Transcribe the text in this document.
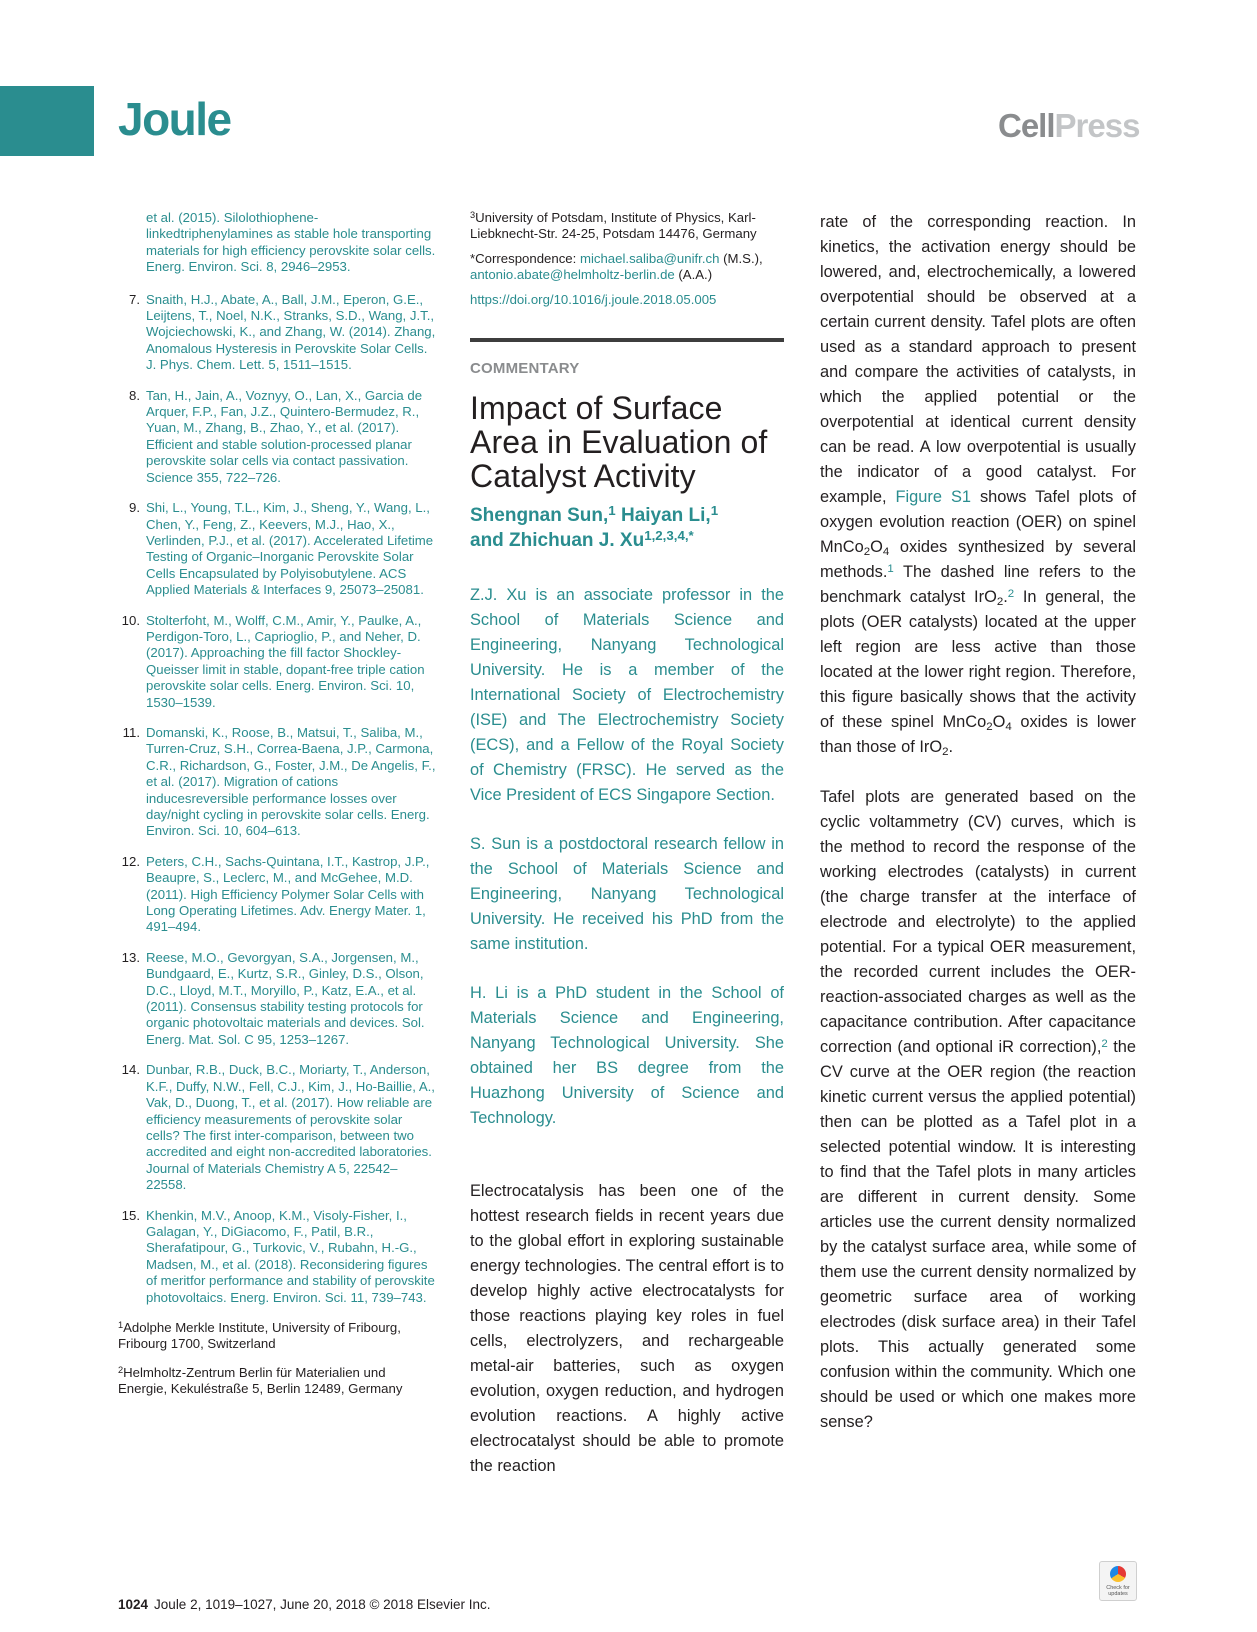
Joule	CellPress
et al. (2015). Silolothiophene-linkedtriphenylamines as stable hole transporting materials for high efficiency perovskite solar cells. Energ. Environ. Sci. 8, 2946–2953.
7. Snaith, H.J., Abate, A., Ball, J.M., Eperon, G.E., Leijtens, T., Noel, N.K., Stranks, S.D., Wang, J.T., Wojciechowski, K., and Zhang, W. (2014). Zhang, Anomalous Hysteresis in Perovskite Solar Cells. J. Phys. Chem. Lett. 5, 1511–1515.
8. Tan, H., Jain, A., Voznyy, O., Lan, X., Garcia de Arquer, F.P., Fan, J.Z., Quintero-Bermudez, R., Yuan, M., Zhang, B., Zhao, Y., et al. (2017). Efficient and stable solution-processed planar perovskite solar cells via contact passivation. Science 355, 722–726.
9. Shi, L., Young, T.L., Kim, J., Sheng, Y., Wang, L., Chen, Y., Feng, Z., Keevers, M.J., Hao, X., Verlinden, P.J., et al. (2017). Accelerated Lifetime Testing of Organic–Inorganic Perovskite Solar Cells Encapsulated by Polyisobutylene. ACS Applied Materials & Interfaces 9, 25073–25081.
10. Stolterfoht, M., Wolff, C.M., Amir, Y., Paulke, A., Perdigon-Toro, L., Caprioglio, P., and Neher, D. (2017). Approaching the fill factor Shockley-Queisser limit in stable, dopant-free triple cation perovskite solar cells. Energ. Environ. Sci. 10, 1530–1539.
11. Domanski, K., Roose, B., Matsui, T., Saliba, M., Turren-Cruz, S.H., Correa-Baena, J.P., Carmona, C.R., Richardson, G., Foster, J.M., De Angelis, F., et al. (2017). Migration of cations inducesreversible performance losses over day/night cycling in perovskite solar cells. Energ. Environ. Sci. 10, 604–613.
12. Peters, C.H., Sachs-Quintana, I.T., Kastrop, J.P., Beaupre, S., Leclerc, M., and McGehee, M.D. (2011). High Efficiency Polymer Solar Cells with Long Operating Lifetimes. Adv. Energy Mater. 1, 491–494.
13. Reese, M.O., Gevorgyan, S.A., Jorgensen, M., Bundgaard, E., Kurtz, S.R., Ginley, D.S., Olson, D.C., Lloyd, M.T., Moryillo, P., Katz, E.A., et al. (2011). Consensus stability testing protocols for organic photovoltaic materials and devices. Sol. Energ. Mat. Sol. C 95, 1253–1267.
14. Dunbar, R.B., Duck, B.C., Moriarty, T., Anderson, K.F., Duffy, N.W., Fell, C.J., Kim, J., Ho-Baillie, A., Vak, D., Duong, T., et al. (2017). How reliable are efficiency measurements of perovskite solar cells? The first inter-comparison, between two accredited and eight non-accredited laboratories. Journal of Materials Chemistry A 5, 22542–22558.
15. Khenkin, M.V., Anoop, K.M., Visoly-Fisher, I., Galagan, Y., DiGiacomo, F., Patil, B.R., Sherafatipour, G., Turkovic, V., Rubahn, H.-G., Madsen, M., et al. (2018). Reconsidering figures of meritfor performance and stability of perovskite photovoltaics. Energ. Environ. Sci. 11, 739–743.
$^1$Adolphe Merkle Institute, University of Fribourg, Fribourg 1700, Switzerland
$^2$Helmholtz-Zentrum Berlin für Materialien und Energie, Kekuléstraße 5, Berlin 12489, Germany

$^3$University of Potsdam, Institute of Physics, Karl-Liebknecht-Str. 24-25, Potsdam 14476, Germany

*Correspondence: michael.saliba@unifr.ch (M.S.), antonio.abate@helmholtz-berlin.de (A.A.)

https://doi.org/10.1016/j.joule.2018.05.005

COMMENTARY
Impact of Surface Area in Evaluation of Catalyst Activity
Shengnan Sun,$^1$ Haiyan Li,$^1$
and Zhichuan J. $Xu^{1,2,3,4,*}$

Z.J. Xu is an associate professor in the School of Materials Science and Engineering, Nanyang Technological University. He is a member of the International Society of Electrochemistry (ISE) and The Electrochemistry Society (ECS), and a Fellow of the Royal Society of Chemistry (FRSC). He served as the Vice President of ECS Singapore Section.

S. Sun is a postdoctoral research fellow in the School of Materials Science and Engineering, Nanyang Technological University. He received his PhD from the same institution.

H. Li is a PhD student in the School of Materials Science and Engineering, Nanyang Technological University. She obtained her BS degree from the Huazhong University of Science and Technology.

Electrocatalysis has been one of the hottest research fields in recent years due to the global effort in exploring sustainable energy technologies. The central effort is to develop highly active electrocatalysts for those reactions playing key roles in fuel cells, electrolyzers, and rechargeable metal-air batteries, such as oxygen evolution, oxygen reduction, and hydrogen evolution reactions. A highly active electrocatalyst should be able to promote the reaction

rate of the corresponding reaction. In kinetics, the activation energy should be lowered, and, electrochemically, a lowered overpotential should be observed at a certain current density. Tafel plots are often used as a standard approach to present and compare the activities of catalysts, in which the applied potential or the overpotential at identical current density can be read. A low overpotential is usually the indicator of a good catalyst. For example, Figure S1 shows Tafel plots of oxygen evolution reaction (OER) on spinel $MnCo_2O_4$ oxides synthesized by several methods.$^1$ The dashed line refers to the benchmark catalyst IrO$_2$.$^2$ In general, the plots (OER catalysts) located at the upper left region are less active than those located at the lower right region. Therefore, this figure basically shows that the activity of these spinel $MnCo_2O_4$ oxides is lower than those of IrO$_2$.

Tafel plots are generated based on the cyclic voltammetry (CV) curves, which is the method to record the response of the working electrodes (catalysts) in current (the charge transfer at the interface of electrode and electrolyte) to the applied potential. For a typical OER measurement, the recorded current includes the OER-reaction-associated charges as well as the capacitance contribution. After capacitance correction (and optional iR correction),$^2$ the CV curve at the OER region (the reaction kinetic current versus the applied potential) then can be plotted as a Tafel plot in a selected potential window. It is interesting to find that the Tafel plots in many articles are different in current density. Some articles use the current density normalized by the catalyst surface area, while some of them use the current density normalized by geometric surface area of working electrodes (disk surface area) in their Tafel plots. This actually generated some confusion within the community. Which one should be used or which one makes more sense?

1024 Joule 2, 1019–1027, June 20, 2018 © 2018 Elsevier Inc.
Check for updates
